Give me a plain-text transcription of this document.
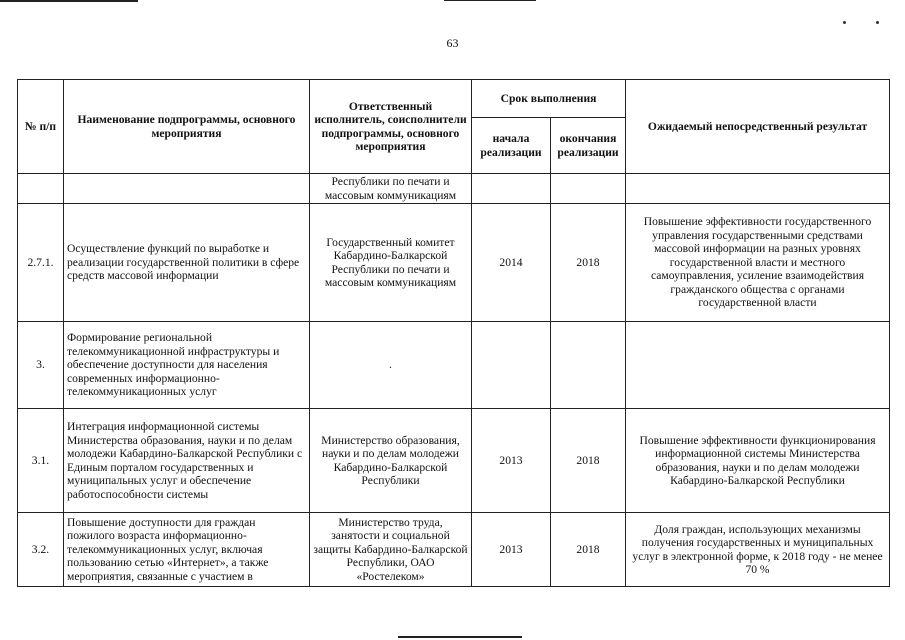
63
№ п/п	Наименование подпрограммы, основного мероприятия	Ответственный исполнитель, соисполнители подпрограммы, основного мероприятия	Срок выполнения		Ожидаемый непосредственный результат
			начала реализации	окончания реализации	
		Республики по печати и массовым коммуникациям			
2.7.1.	Осуществление функций по выработке и реализации государственной политики в сфере средств массовой информации	Государственный комитет Кабардино-Балкарской Республики по печати и массовым коммуникациям	2014	2018	Повышение эффективности государственного управления государственными средствами массовой информации на разных уровнях государственной власти и местного самоуправления, усиление взаимодействия гражданского общества с органами государственной власти
3.	Формирование региональной телекоммуникационной инфраструктуры и обеспечение доступности для населения современных информационно-телекоммуникационных услуг	.			
3.1.	Интеграция информационной системы Министерства образования, науки и по делам молодежи Кабардино-Балкарской Республики с Единым порталом государственных и муниципальных услуг и обеспечение работоспособности системы	Министерство образования, науки и по делам молодежи Кабардино-Балкарской Республики	2013	2018	Повышение эффективности функционирования информационной системы Министерства образования, науки и по делам молодежи Кабардино-Балкарской Республики
3.2.	Повышение доступности для граждан пожилого возраста информационно-телекоммуникационных услуг, включая пользованию сетью «Интернет», а также мероприятия, связанные с участием в	Министерство труда, занятости и социальной защиты Кабардино-Балкарской Республики, ОАО «Ростелеком»	2013	2018	Доля граждан, использующих механизмы получения государственных и муниципальных услуг в электронной форме, к 2018 году - не менее 70 %
